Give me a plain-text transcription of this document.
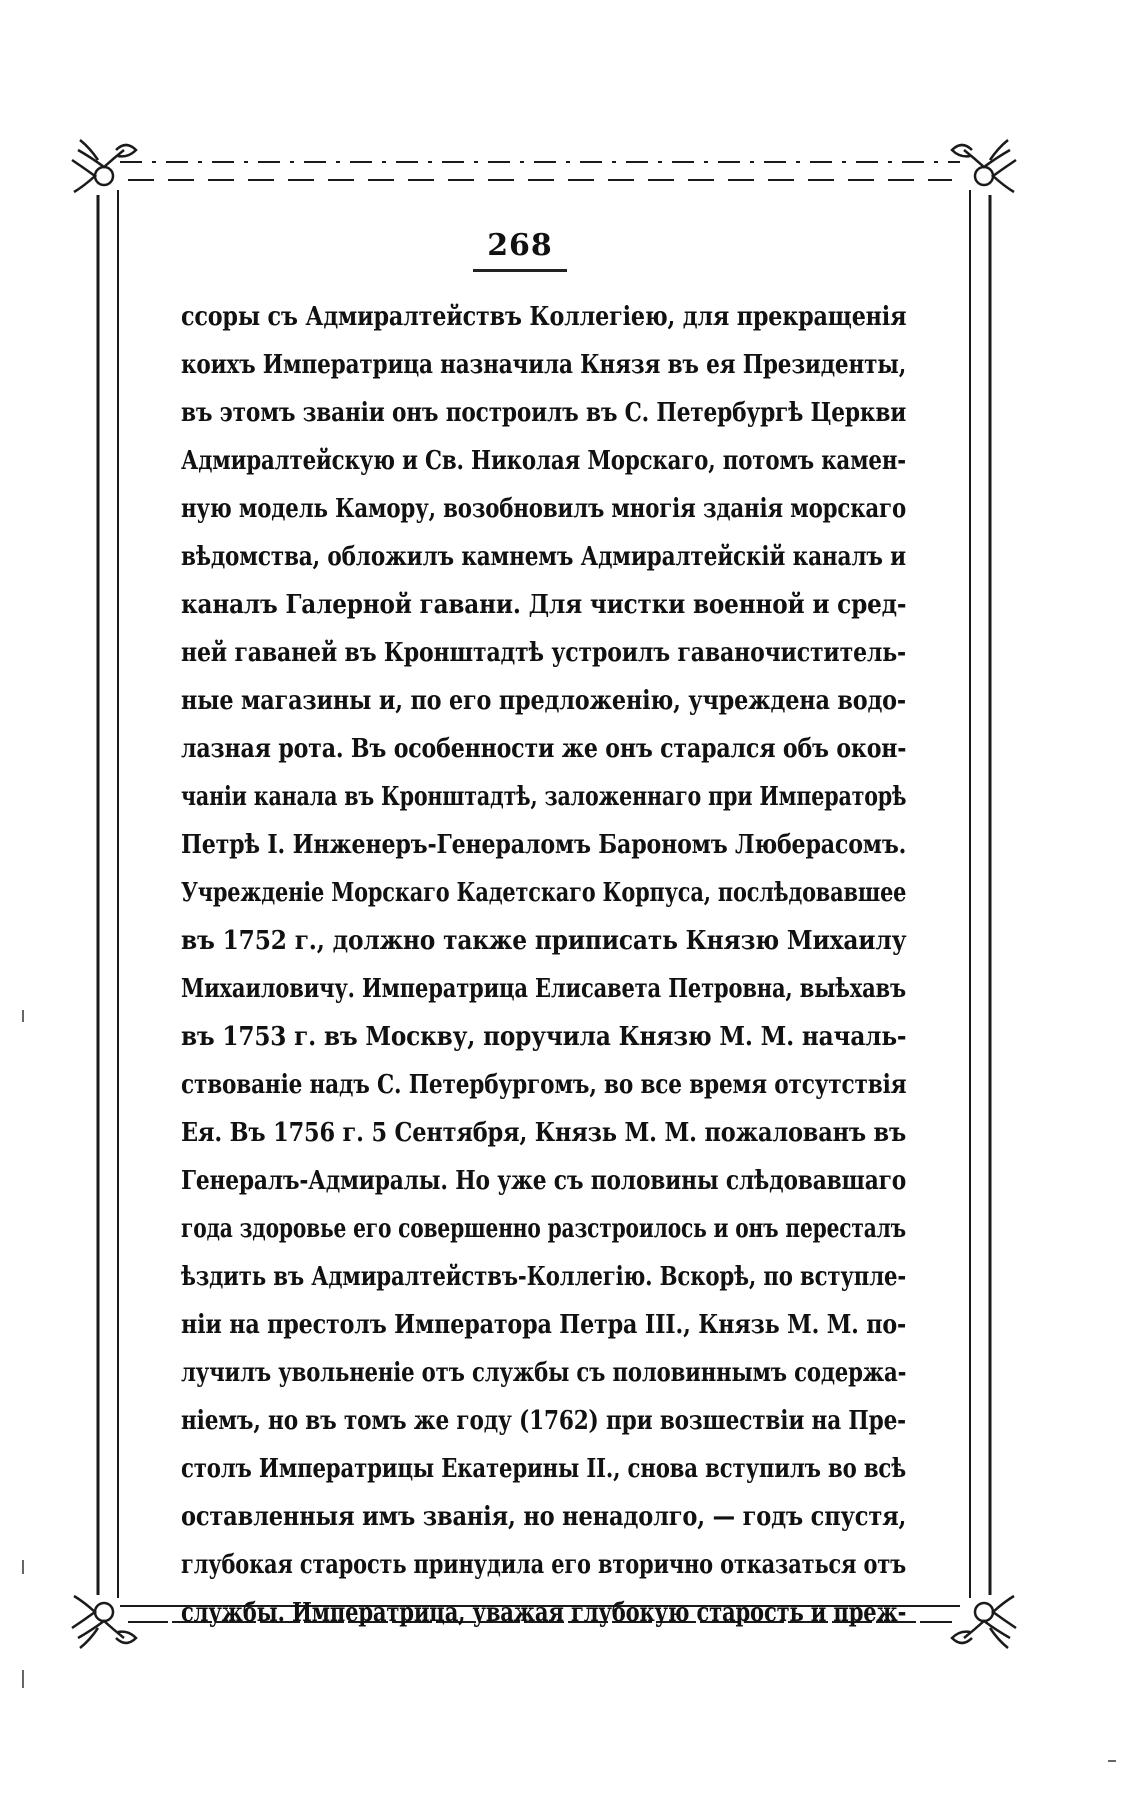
268
ссоры съ Адмиралтействъ Коллегiею, для прекращенiя
коихъ Императрица назначила Князя въ ея Президенты,
въ этомъ званiи онъ построилъ въ С. Петербургѣ Церкви
Адмиралтейскую и Св. Николая Морскаго, потомъ камен-
ную модель Камору, возобновилъ многiя зданiя морскаго
вѣдомства, обложилъ камнемъ Адмиралтейскiй каналъ и
каналъ Галерной гавани. Для чистки военной и сред-
ней гаваней въ Кронштадтѣ устроилъ гаваночиститель-
ные магазины и, по его предложенiю, учреждена водо-
лазная рота. Въ особенности же онъ старался объ окон-
чанiи канала въ Кронштадтѣ, заложеннаго при Императорѣ
Петрѣ I. Инженеръ-Генераломъ Барономъ Люберасомъ.
Учрежденiе Морскаго Кадетскаго Корпуса, послѣдовавшее
въ 1752 г., должно также приписать Князю Михаилу
Михаиловичу. Императрица Елисавета Петровна, выѣхавъ
въ 1753 г. въ Москву, поручила Князю М. М. началь-
ствованiе надъ С. Петербургомъ, во все время отсутствiя
Ея. Въ 1756 г. 5 Сентября, Князь М. М. пожалованъ въ
Генералъ-Адмиралы. Но уже съ половины слѣдовавшаго
года здоровье его совершенно разстроилось и онъ пересталъ
ѣздить въ Адмиралтействъ-Коллегiю. Вскорѣ, по вступле-
нiи на престолъ Императора Петра III., Князь М. М. по-
лучилъ увольненiе отъ службы съ половиннымъ содержа-
нiемъ, но въ томъ же году (1762) при возшествiи на Пре-
столъ Императрицы Екатерины II., снова вступилъ во всѣ
оставленныя имъ званiя, но ненадолго, — годъ спустя,
глубокая старость принудила его вторично отказаться отъ
службы. Императрица, уважая глубокую старость и преж-
